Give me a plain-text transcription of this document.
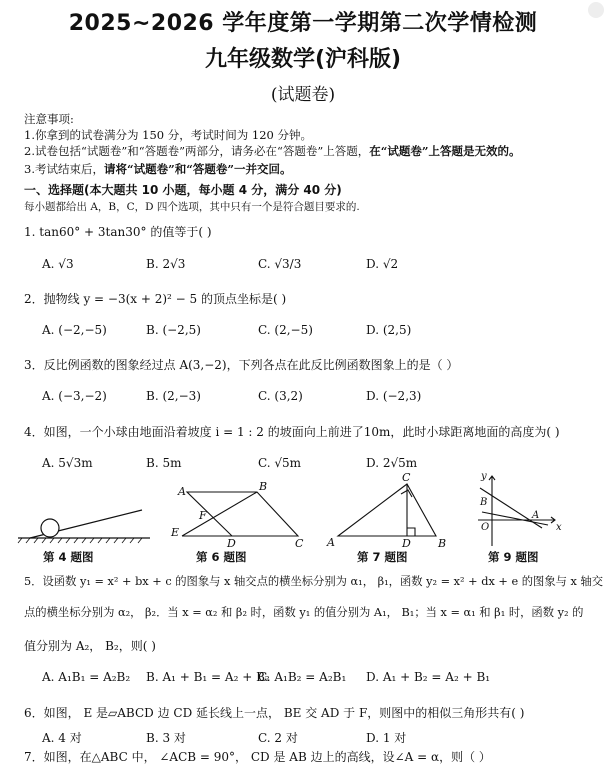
2025~2026 学年度第一学期第二次学情检测
九年级数学(沪科版)
(试题卷)
注意事项:
1.你拿到的试卷满分为 150 分，考试时间为 120 分钟。
2.试卷包括“试题卷”和“答题卷”两部分，请务必在“答题卷”上答题，在“试题卷”上答题是无效的。
3.考试结束后，请将“试题卷”和“答题卷”一并交回。
一、选择题(本大题共 10 小题，每小题 4 分，满分 40 分)
每小题都给出 A，B，C，D 四个选项，其中只有一个是符合题目要求的.
1. tan60° + 3tan30° 的值等于( )
A. √3	B. 2√3	C. √3/3	D. √2
2．抛物线 y = −3(x + 2)² − 5 的顶点坐标是( )
A. (−2,−5)	B. (−2,5)	C. (2,−5)	D. (2,5)
3．反比例函数的图象经过点 A(3,−2)，下列各点在此反比例函数图象上的是（ ）
A. (−3,−2)	B. (2,−3)	C. (3,2)	D. (−2,3)
4．如图，一个小球由地面沿着坡度 i = 1 : 2 的坡面向上前进了10m，此时小球距离地面的高度为( )
A. 5√3m	B. 5m	C. √5m	D. 2√5m
A	B
F
E
D	C
C
A	D B
y
B
O
A
x
第 4 题图	第 6 题图	第 7 题图	第 9 题图
5．设函数 y₁ = x² + bx + c 的图象与 x 轴交点的横坐标分别为 α₁， β₁，函数 y₂ = x² + dx + e 的图象与 x 轴交
点的横坐标分别为 α₂， β₂．当 x = α₂ 和 β₂ 时，函数 y₁ 的值分别为 A₁， B₁；当 x = α₁ 和 β₁ 时，函数 y₂ 的
值分别为 A₂， B₂，则( )
A. A₁B₁ = A₂B₂ B. A₁ + B₁ = A₂ + B₂
C. A₁B₂ = A₂B₁ D. A₁ + B₂ = A₂ + B₁
6．如图， E 是▱ABCD 边 CD 延长线上一点， BE 交 AD 于 F，则图中的相似三角形共有( )
A. 4 对	B. 3 对	C. 2 对	D. 1 对
7．如图，在△ABC 中， ∠ACB = 90°， CD 是 AB 边上的高线，设∠A = α，则（ ）
